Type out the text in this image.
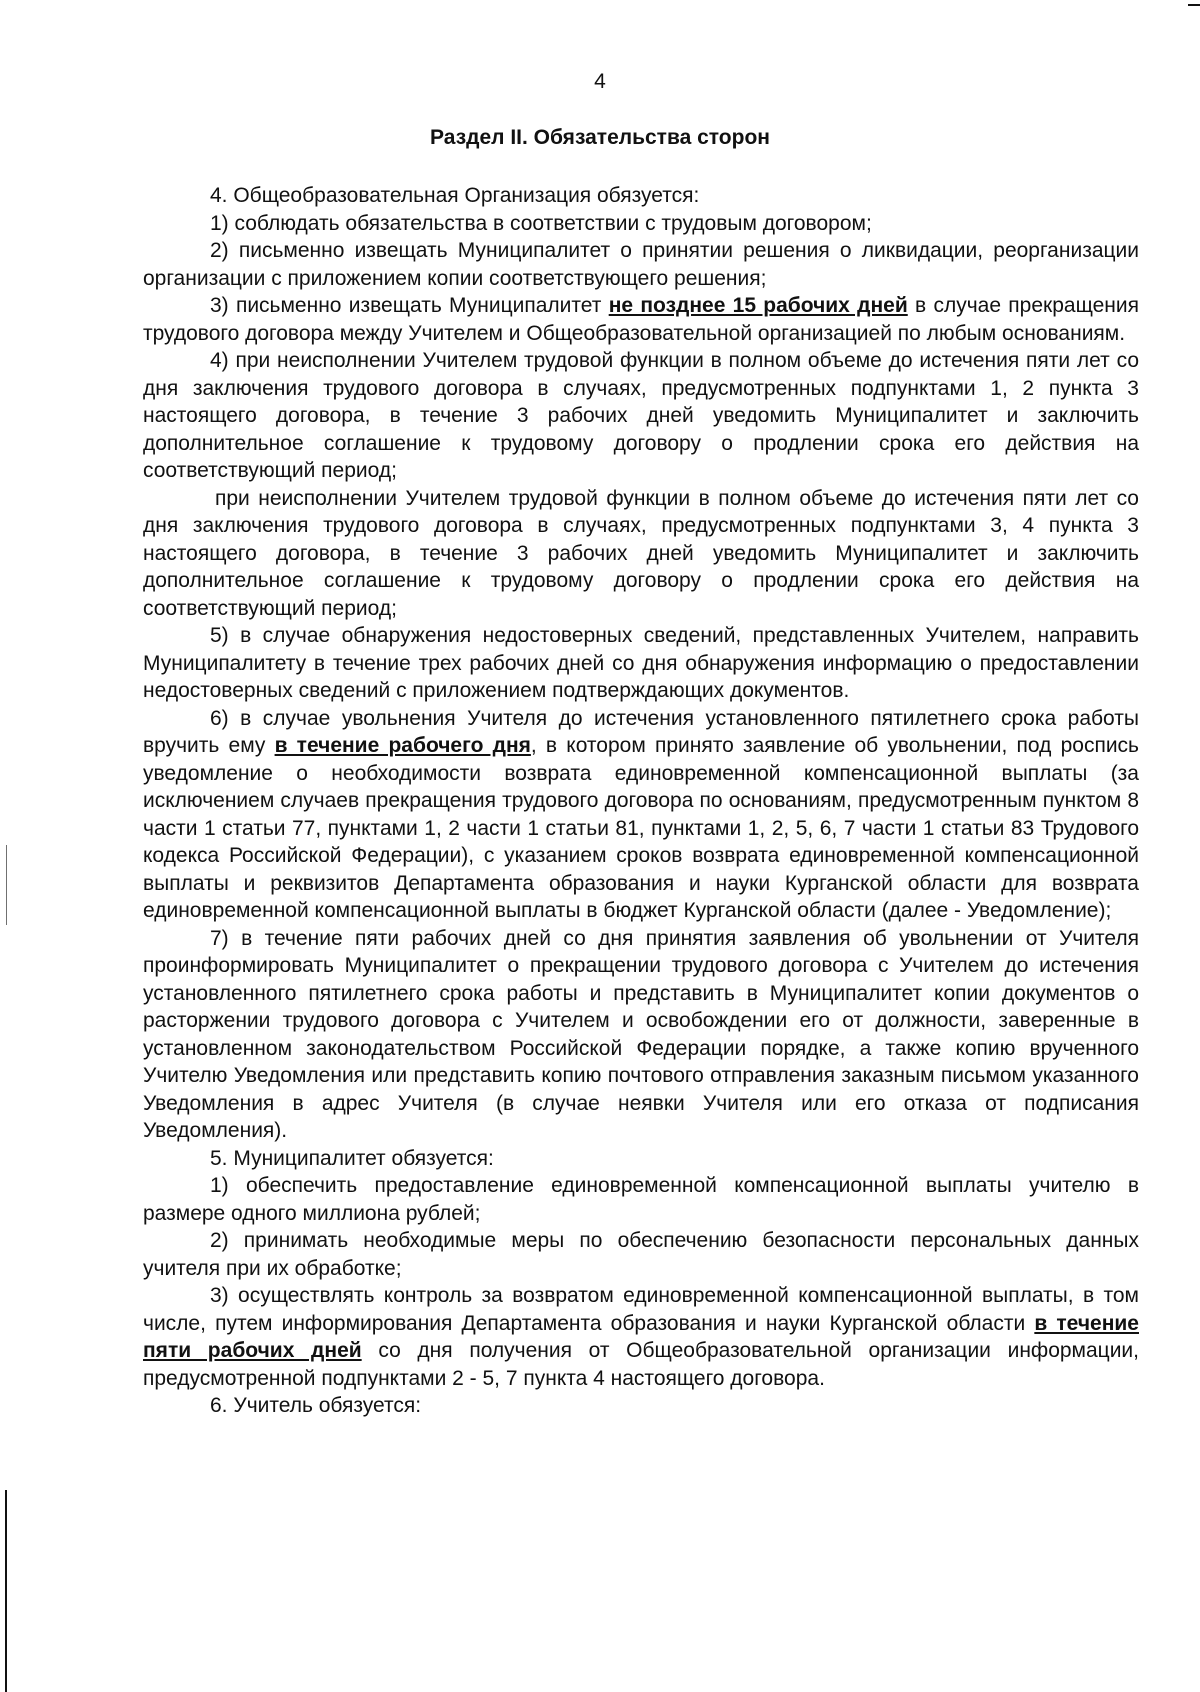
4
Раздел II. Обязательства сторон

4. Общеобразовательная Организация обязуется:

1) соблюдать обязательства в соответствии с трудовым договором;

2) письменно извещать Муниципалитет о принятии решения о ликвидации, реорганизации организации с приложением копии соответствующего решения;

3) письменно извещать Муниципалитет не позднее 15 рабочих дней в случае прекращения трудового договора между Учителем и Общеобразовательной организацией по любым основаниям.

4) при неисполнении Учителем трудовой функции в полном объеме до истечения пяти лет со дня заключения трудового договора в случаях, предусмотренных подпунктами 1, 2 пункта 3 настоящего договора, в течение 3 рабочих дней уведомить Муниципалитет и заключить дополнительное соглашение к трудовому договору о продлении срока его действия на соответствующий период;

при неисполнении Учителем трудовой функции в полном объеме до истечения пяти лет со дня заключения трудового договора в случаях, предусмотренных подпунктами 3, 4 пункта 3 настоящего договора, в течение 3 рабочих дней уведомить Муниципалитет и заключить дополнительное соглашение к трудовому договору о продлении срока его действия на соответствующий период;

5) в случае обнаружения недостоверных сведений, представленных Учителем, направить Муниципалитету в течение трех рабочих дней со дня обнаружения информацию о предоставлении недостоверных сведений с приложением подтверждающих документов.

6) в случае увольнения Учителя до истечения установленного пятилетнего срока работы вручить ему в течение рабочего дня, в котором принято заявление об увольнении, под роспись уведомление о необходимости возврата единовременной компенсационной выплаты (за исключением случаев прекращения трудового договора по основаниям, предусмотренным пунктом 8 части 1 статьи 77, пунктами 1, 2 части 1 статьи 81, пунктами 1, 2, 5, 6, 7 части 1 статьи 83 Трудового кодекса Российской Федерации), с указанием сроков возврата единовременной компенсационной выплаты и реквизитов Департамента образования и науки Курганской области для возврата единовременной компенсационной выплаты в бюджет Курганской области (далее - Уведомление);

7) в течение пяти рабочих дней со дня принятия заявления об увольнении от Учителя проинформировать Муниципалитет о прекращении трудового договора с Учителем до истечения установленного пятилетнего срока работы и представить в Муниципалитет копии документов о расторжении трудового договора с Учителем и освобождении его от должности, заверенные в установленном законодательством Российской Федерации порядке, а также копию врученного Учителю Уведомления или представить копию почтового отправления заказным письмом указанного Уведомления в адрес Учителя (в случае неявки Учителя или его отказа от подписания Уведомления).

5. Муниципалитет обязуется:

1) обеспечить предоставление единовременной компенсационной выплаты учителю в размере одного миллиона рублей;

2) принимать необходимые меры по обеспечению безопасности персональных данных учителя при их обработке;

3) осуществлять контроль за возвратом единовременной компенсационной выплаты, в том числе, путем информирования Департамента образования и науки Курганской области в течение пяти рабочих дней со дня получения от Общеобразовательной организации информации, предусмотренной подпунктами 2 - 5, 7 пункта 4 настоящего договора.

6. Учитель обязуется:
